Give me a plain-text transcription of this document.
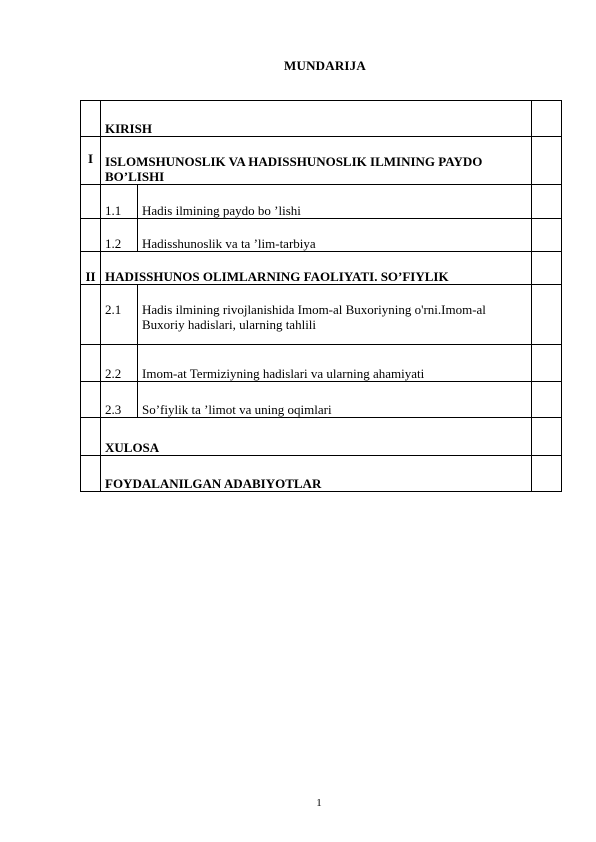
MUNDARIJA
	KIRISH		
I	ISLOMSHUNOSLIK VA HADISSHUNOSLIK ILMINING PAYDO BO’LISHI		
	1.1	Hadis ilmining paydo bo ’lishi	
	1.2	Hadisshunoslik va ta ’lim-tarbiya	
II	HADISSHUNOS OLIMLARNING FAOLIYATI. SO’FIYLIK		
	2.1	Hadis ilmining rivojlanishida Imom-al Buxoriyning o'rni.Imom-al Buxoriy hadislari, ularning tahlili	
	2.2	Imom-at Termiziyning hadislari va ularning ahamiyati	
	2.3	So’fiylik ta ’limot va uning oqimlari	
	XULOSA		
	FOYDALANILGAN ADABIYOTLAR		
1
